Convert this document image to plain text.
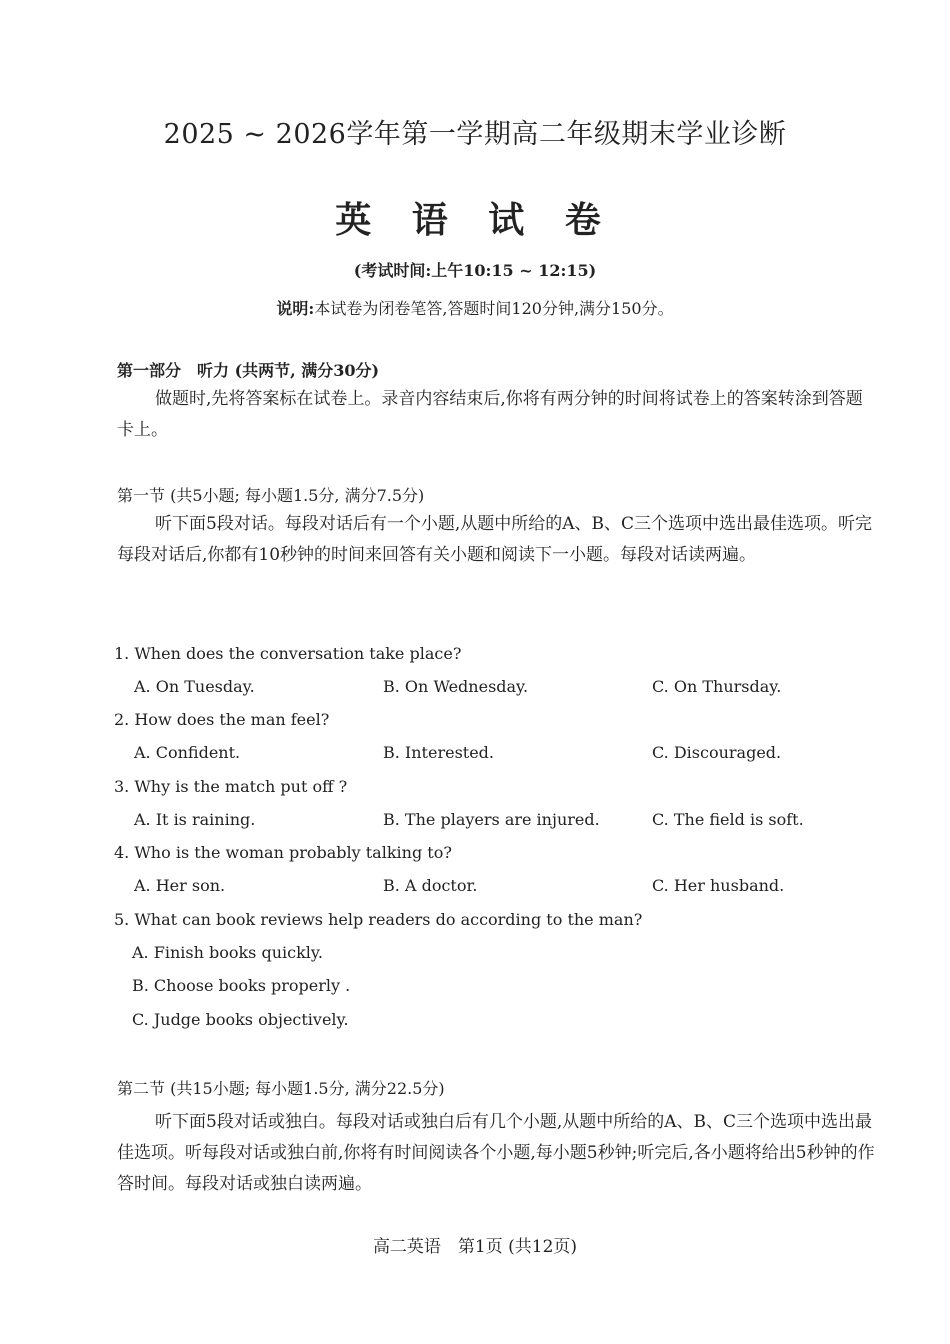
2025 ~ 2026学年第一学期高二年级期末学业诊断
英 语 试 卷
(考试时间:上午10:15 ~ 12:15)
说明:本试卷为闭卷笔答,答题时间120分钟,满分150分。
第一部分　听力 (共两节, 满分30分)

做题时,先将答案标在试卷上。录音内容结束后,你将有两分钟的时间将试卷上的答案转涂到答题卡上。

第一节 (共5小题; 每小题1.5分, 满分7.5分)

听下面5段对话。每段对话后有一个小题,从题中所给的A、B、C三个选项中选出最佳选项。听完每段对话后,你都有10秒钟的时间来回答有关小题和阅读下一小题。每段对话读两遍。

1. When does the conversation take place?
A. On Tuesday.	B. On Wednesday.	C. On Thursday.
2. How does the man feel?
A. Confident.	B. Interested.	C. Discouraged.
3. Why is the match put off ?
A. It is raining.	B. The players are injured.	C. The field is soft.
4. Who is the woman probably talking to?
A. Her son.	B. A doctor.	C. Her husband.
5. What can book reviews help readers do according to the man?
A. Finish books quickly.
B. Choose books properly .
C. Judge books objectively.
第二节 (共15小题; 每小题1.5分, 满分22.5分)

听下面5段对话或独白。每段对话或独白后有几个小题,从题中所给的A、B、C三个选项中选出最佳选项。听每段对话或独白前,你将有时间阅读各个小题,每小题5秒钟;听完后,各小题将给出5秒钟的作答时间。每段对话或独白读两遍。

高二英语　第1页 (共12页)
